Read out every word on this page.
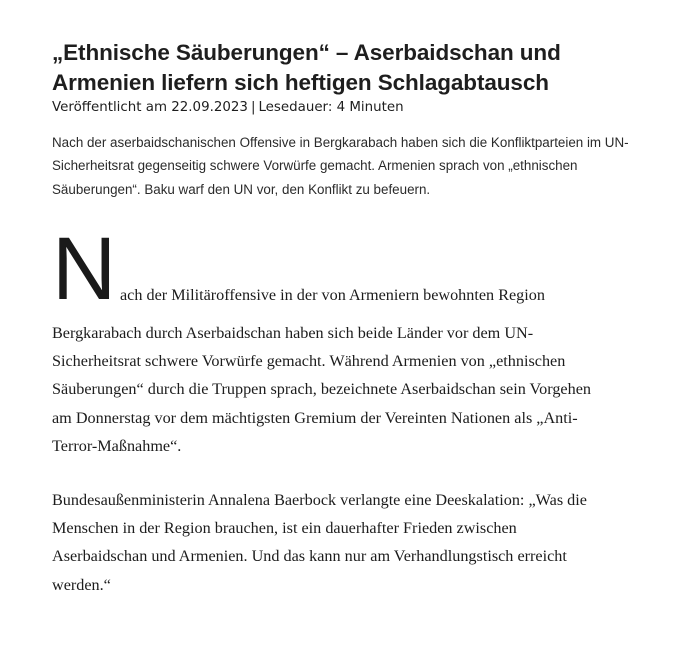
„Ethnische Säuberungen“ – Aserbaidschan und Armenien liefern sich heftigen Schlagabtausch
Veröffentlicht am 22.09.2023 | Lesedauer: 4 Minuten
Nach der aserbaidschanischen Offensive in Bergkarabach haben sich die Konfliktparteien im UN-Sicherheitsrat gegenseitig schwere Vorwürfe gemacht. Armenien sprach von „ethnischen Säuberungen“. Baku warf den UN vor, den Konflikt zu befeuern.
N ach der Militäroffensive in der von Armeniern bewohnten Region

Bergkarabach durch Aserbaidschan haben sich beide Länder vor dem UN-Sicherheitsrat schwere Vorwürfe gemacht. Während Armenien von „ethnischen Säuberungen“ durch die Truppen sprach, bezeichnete Aserbaidschan sein Vorgehen am Donnerstag vor dem mächtigsten Gremium der Vereinten Nationen als „Anti-Terror-Maßnahme“.

Bundesaußenministerin Annalena Baerbock verlangte eine Deeskalation: „Was die Menschen in der Region brauchen, ist ein dauerhafter Frieden zwischen Aserbaidschan und Armenien. Und das kann nur am Verhandlungstisch erreicht werden.“
